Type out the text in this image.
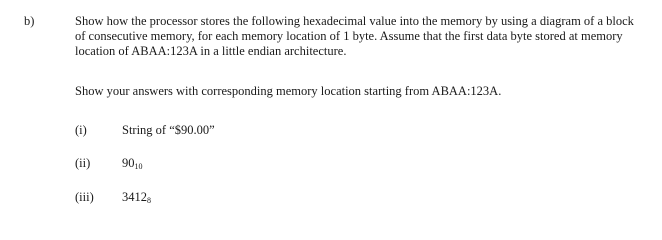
b)	Show how the processor stores the following hexadecimal value into the memory by using a diagram of a block of consecutive memory, for each memory location of 1 byte. Assume that the first data byte stored at memory location of ABAA:123A in a little endian architecture.

Show your answers with corresponding memory location starting from ABAA:123A.

(i)	String of “$90.00”
(ii)	$90_{10}$
(iii) $3412_8$
